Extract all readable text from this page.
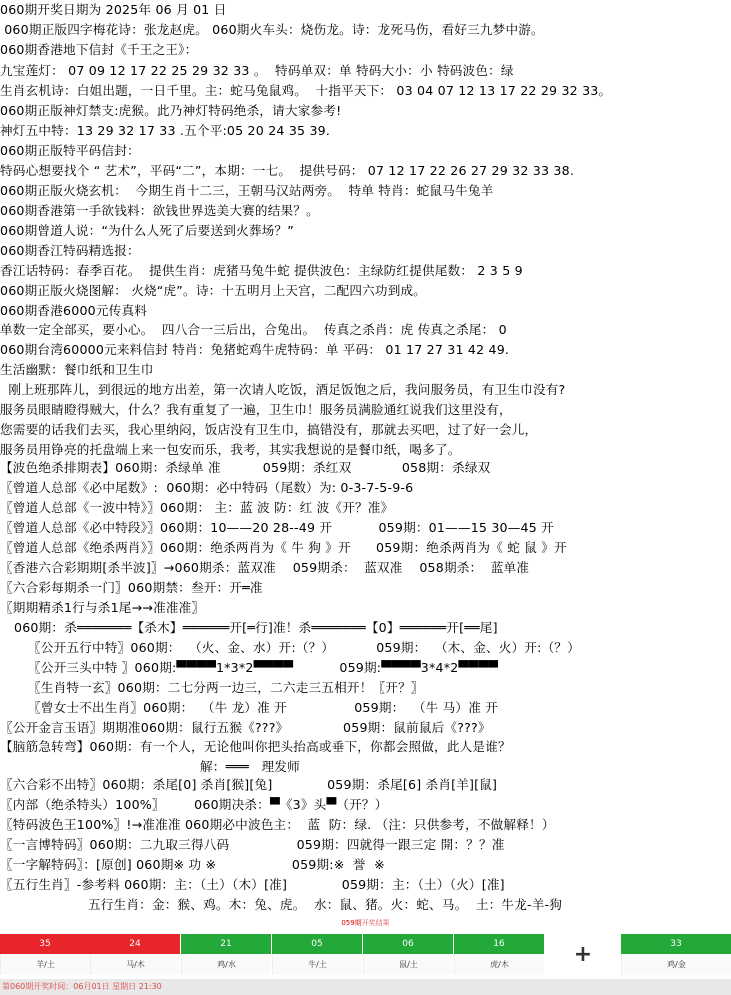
060期开奖日期为 2025年 06 月 01 日
060期正版四字梅花诗：张龙赵虎。 060期火车头：烧伤龙。诗：龙死马伤，看好三九梦中游。
060期香港地下信封《千王之王》：
九宝莲灯： 07 09 12 17 22 25 29 32 33 。  特码单双：单 特码大小：小 特码波色：绿
生肖玄机诗：白姐出题，一日千里。主：蛇马兔鼠鸡。  十指平天下： 03 04 07 12 13 17 22 29 32 33。
060期正版神灯禁支:虎猴。此乃神灯特码绝杀，请大家参考!
神灯五中特：13 29 32 17 33 .五个平:05 20 24 35 39.
060期正版特平码信封：
特码心想要找个 “ 艺术”，平码“二”，本期：一七。  提供号码： 07 12 17 22 26 27 29 32 33 38.
060期正版火烧玄机：  今期生肖十二三，王朝马汉站两旁。  特单 特肖：蛇鼠马牛兔羊
060期香港第一手欲钱料：欲钱世界选美大赛的结果？。
060期曾道人说：“为什么人死了后要送到火葬场？”
060期香江特码精选报：
香江话特码：春季百花。  提供生肖：虎猪马兔牛蛇 提供波色：主绿防红提供尾数： 2 3 5 9
060期正版火烧图解： 火烧“虎”。诗：十五明月上天宫，二配四六功到成。
060期香港6000元传真料
单数一定全部买，要小心。  四八合一三后出，合兔出。  传真之杀肖：虎 传真之杀尾： 0
060期台湾60000元来料信封 特肖：兔猪蛇鸡牛虎特码：单 平码： 01 17 27 31 42 49.
生活幽默：餐巾纸和卫生巾
刚上班那阵儿，到很远的地方出差，第一次请人吃饭，酒足饭饱之后，我问服务员，有卫生巾没有?
服务员眼睛瞪得贼大，什么？我有重复了一遍，卫生巾！服务员满脸通红说我们这里没有，
您需要的话我们去买，我心里纳闷，饭店没有卫生巾，搞错没有，那就去买吧，过了好一会儿，
服务员用铮亮的托盘端上来一包安而乐，我考，其实我想说的是餐巾纸，喝多了。
【波色绝杀排期表】060期：杀绿单 准          059期：杀红双            058期：杀绿双
〖曾道人总部《必中尾数》:  060期：必中特码（尾数）为: 0-3-7-5-9-6
〖曾道人总部《一波中特》〗060期： 主：蓝 波 防：红 波《开？准》
〖曾道人总部《必中特段》〗060期：10——20 28--49 开           059期：01——15 30—45 开
〖曾道人总部《绝杀两肖》〗060期：绝杀两肖为《 牛 狗 》开      059期：绝杀两肖为《 蛇 鼠 》开
〖香港六合彩期期[杀半波]〗→060期杀：蓝双准    059期杀：  蓝双准    058期杀：  蓝单准
〖六合彩每期杀一门〗060期禁：叁开：开═准
〖期期精杀1行与杀1尾→→准准准〗
060期：杀═══════【杀木】══════开[═行]准！杀═══════【0】══════开[══尾]
〖公开五行中特〗060期：  （火、金、水）开:（？）          059期：  （木、金、火）开:（？）
〖公开三头中特 〗060期:▀▀▀▀1*3*2▀▀▀▀           059期:▀▀▀▀3*4*2▀▀▀▀
〖生肖特一玄〗060期：二七分两一边三，二六走三五相开！〖开？〗
〖曾女士不出生肖〗060期：  （牛 龙）准 开                059期：  （牛 马）准 开
〖公开金言玉语〗期期准060期：鼠行五猴《???》             059期：鼠前鼠后《???》
【脑筋急转弯】060期：有一个人，无论他叫你把头抬高或垂下，你都会照做，此人是谁？
解：═══   理发师
〖六合彩不出特〗060期：杀尾[0] 杀肖[猴][兔]             059期：杀尾[6] 杀肖[羊][鼠]
〖内部（绝杀特头）100%〗       060期决杀：▀《3》头▀（开？）
〖特码波色王100%〗!→准准准 060期必中波色主：  蓝  防：绿. （注：只供参考，不做解释！）
〖一言博特码〗060期：二九取三得八码                059期：四就得一跟三定 開：？？准
〖一字解特码〗：[原创] 060期※ 功 ※                  059期:※  誉  ※
〖五行生肖〗-参考料 060期：主：（土）（木）[准]             059期：主：（土）（火）[准]
五行生肖：金：猴、鸡。木：兔、虎。  水：鼠、猪。火：蛇、马。  土：牛龙-羊-狗
059期开奖结果
35
羊/土
24
马/木
21
鸡/水
05
牛/土
06
鼠/土
16
虎/木	+	33
鸡/金
第060期开奖时间：06月01日 星期日 21:30
